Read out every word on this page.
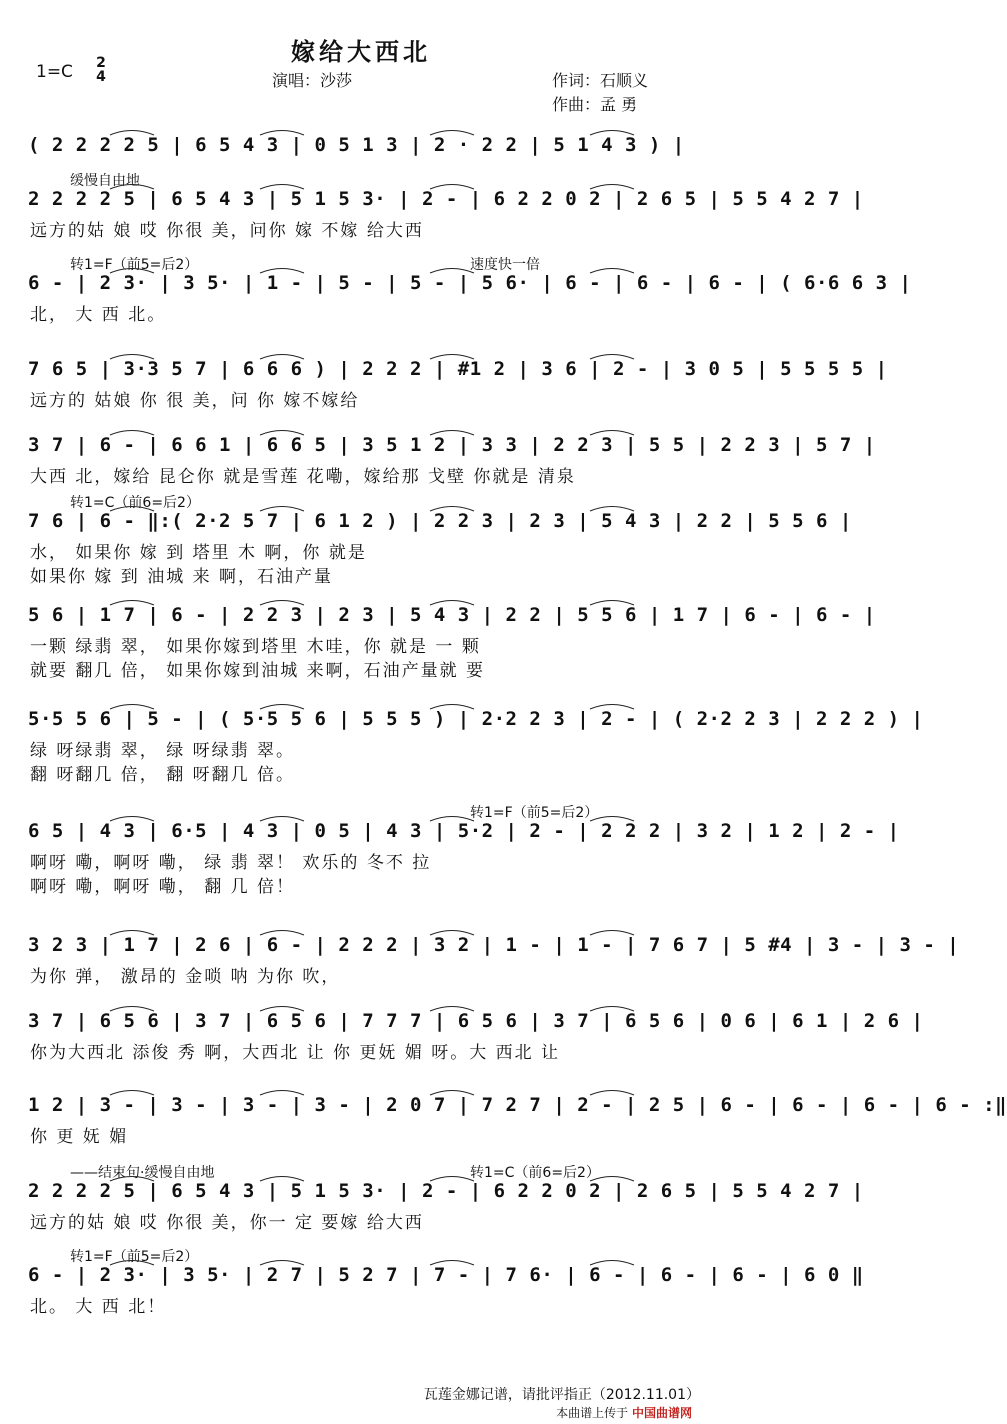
嫁给大西北
1=C 2
4	演唱：沙莎	作词：石顺义
作曲：孟 勇
( 2 2 2 2 5 | 6 5 4 3 | 0 5 1 3 | 2 · 2 2 | 5 1 4 3 ) |
缓慢自由地
2 2 2 2 5 | 6 5 4 3 | 5 1 5 3· | 2 - | 6 2 2 0 2 | 2 6 5 | 5 5 4 2 7 |
远方的姑 娘 哎 你很 美，问你 嫁 不嫁 给大西
转1=F（前5=后2）	速度快一倍
6 - | 2 3· | 3 5· | 1 - | 5 - | 5 - | 5 6· | 6 - | 6 - | 6 - | ( 6·6 6 3 |
北， 大 西 北。
7 6 5 | 3·3 5 7 | 6 6 6 ) | 2 2 2 | #1 2 | 3 6 | 2 - | 3 0 5 | 5 5 5 5 |
远方的 姑娘 你 很 美，问 你 嫁不嫁给
3 7 | 6 - | 6 6 1 | 6 6 5 | 3 5 1 2 | 3 3 | 2 2 3 | 5 5 | 2 2 3 | 5 7 |
大西 北，嫁给 昆仑你 就是雪莲 花嘞，嫁给那 戈壁 你就是 清泉
转1=C（前6=后2）
7 6 | 6 - ‖:( 2·2 5 7 | 6 1 2 ) | 2 2 3 | 2 3 | 5 4 3 | 2 2 | 5 5 6 |
水， 如果你 嫁 到 塔里 木 啊，你 就是
如果你 嫁 到 油城 来 啊，石油产量
5 6 | 1 7 | 6 - | 2 2 3 | 2 3 | 5 4 3 | 2 2 | 5 5 6 | 1 7 | 6 - | 6 - |
一颗 绿翡 翠， 如果你嫁到塔里 木哇，你 就是 一 颗
就要 翻几 倍， 如果你嫁到油城 来啊，石油产量就 要
5·5 5 6 | 5 - | ( 5·5 5 6 | 5 5 5 ) | 2·2 2 3 | 2 - | ( 2·2 2 3 | 2 2 2 ) |
绿 呀绿翡 翠， 绿 呀绿翡 翠。
翻 呀翻几 倍， 翻 呀翻几 倍。
转1=F（前5=后2）
6 5 | 4 3 | 6·5 | 4 3 | 0 5 | 4 3 | 5·2 | 2 - | 2 2 2 | 3 2 | 1 2 | 2 - |
啊呀 嘞，啊呀 嘞， 绿 翡 翠！ 欢乐的 冬不 拉
啊呀 嘞，啊呀 嘞， 翻 几 倍！
3 2 3 | 1 7 | 2 6 | 6 - | 2 2 2 | 3 2 | 1 - | 1 - | 7 6 7 | 5 #4 | 3 - | 3 - |
为你 弹， 激昂的 金唢 呐 为你 吹，
3 7 | 6 5 6 | 3 7 | 6 5 6 | 7 7 7 | 6 5 6 | 3 7 | 6 5 6 | 0 6 | 6 1 | 2 6 |
你为大西北 添俊 秀 啊，大西北 让 你 更妩 媚 呀。大 西北 让
1 2 | 3 - | 3 - | 3 - | 3 - | 2 0 7 | 7 2 7 | 2 - | 2 5 | 6 - | 6 - | 6 - | 6 - :‖
你 更 妩 媚
——结束句·缓慢自由地	转1=C（前6=后2）
2 2 2 2 5 | 6 5 4 3 | 5 1 5 3· | 2 - | 6 2 2 0 2 | 2 6 5 | 5 5 4 2 7 |
远方的姑 娘 哎 你很 美，你一 定 要嫁 给大西
转1=F（前5=后2）
6 - | 2 3· | 3 5· | 2 7 | 5 2 7 | 7 - | 7 6· | 6 - | 6 - | 6 - | 6 0 ‖
北。 大 西 北！
瓦莲金娜记谱，请批评指正（2012.11.01）
本曲谱上传于 中国曲谱网
